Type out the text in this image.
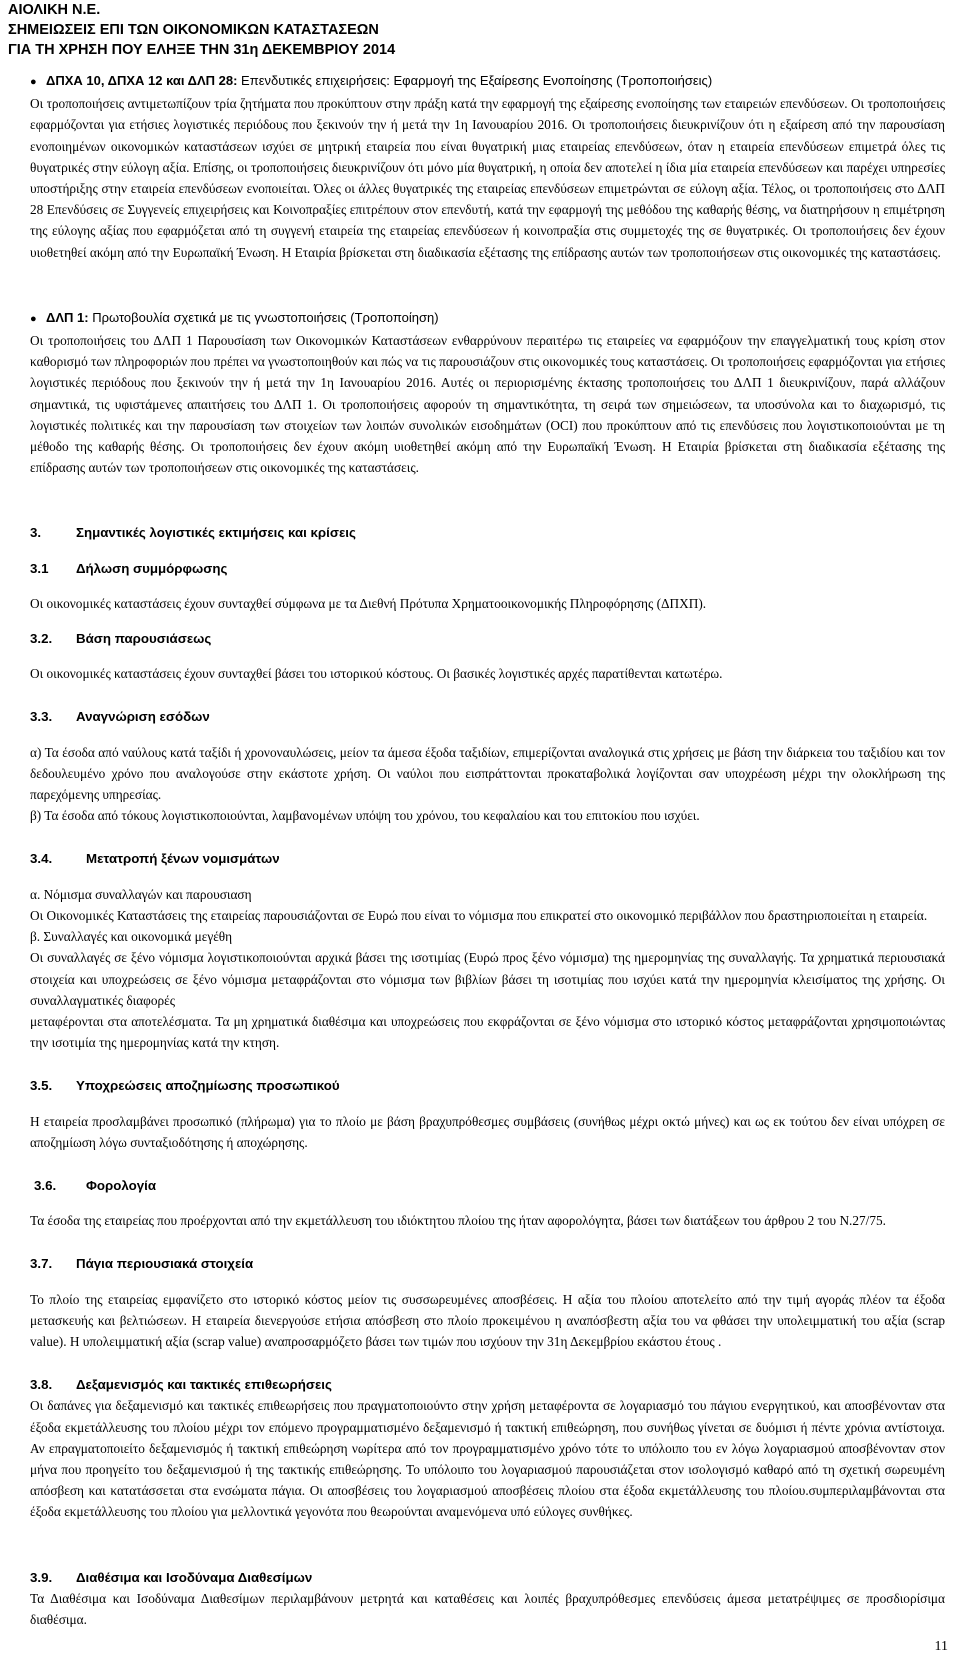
ΑΙΟΛΙΚΗ Ν.Ε.
ΣΗΜΕΙΩΣΕΙΣ ΕΠΙ ΤΩΝ ΟΙΚΟΝΟΜΙΚΩΝ ΚΑΤΑΣΤΑΣΕΩΝ
ΓΙΑ ΤΗ ΧΡΗΣΗ ΠΟΥ ΕΛΗΞΕ ΤΗΝ 31η ΔΕΚΕΜΒΡΙΟΥ 2014

● ΔΠΧΑ 10, ΔΠΧΑ 12 και ΔΛΠ 28: Επενδυτικές επιχειρήσεις: Εφαρμογή της Εξαίρεσης Ενοποίησης (Τροποποιήσεις)

Οι τροποποιήσεις αντιμετωπίζουν τρία ζητήματα που προκύπτουν στην πράξη κατά την εφαρμογή της εξαίρεσης ενοποίησης των εταιρειών επενδύσεων. Οι τροποποιήσεις εφαρμόζονται για ετήσιες λογιστικές περιόδους που ξεκινούν την ή μετά την 1η Ιανουαρίου 2016. Οι τροποποιήσεις διευκρινίζουν ότι η εξαίρεση από την παρουσίαση ενοποιημένων οικονομικών καταστάσεων ισχύει σε μητρική εταιρεία που είναι θυγατρική μιας εταιρείας επενδύσεων, όταν η εταιρεία επενδύσεων επιμετρά όλες τις θυγατρικές στην εύλογη αξία. Επίσης, οι τροποποιήσεις διευκρινίζουν ότι μόνο μία θυγατρική, η οποία δεν αποτελεί η ίδια μία εταιρεία επενδύσεων και παρέχει υπηρεσίες υποστήριξης στην εταιρεία επενδύσεων ενοποιείται. Όλες οι άλλες θυγατρικές της εταιρείας επενδύσεων επιμετρώνται σε εύλογη αξία. Τέλος, οι τροποποιήσεις στο ΔΛΠ 28 Επενδύσεις σε Συγγενείς επιχειρήσεις και Κοινοπραξίες επιτρέπουν στον επενδυτή, κατά την εφαρμογή της μεθόδου της καθαρής θέσης, να διατηρήσουν η επιμέτρηση της εύλογης αξίας που εφαρμόζεται από τη συγγενή εταιρεία της εταιρείας επενδύσεων ή κοινοπραξία στις συμμετοχές της σε θυγατρικές. Οι τροποποιήσεις δεν έχουν υιοθετηθεί ακόμη από την Ευρωπαϊκή Ένωση. Η Εταιρία βρίσκεται στη διαδικασία εξέτασης της επίδρασης αυτών των τροποποιήσεων στις οικονομικές της καταστάσεις.

● ΔΛΠ 1: Πρωτοβουλία σχετικά με τις γνωστοποιήσεις (Τροποποίηση)

Οι τροποποιήσεις του ΔΛΠ 1 Παρουσίαση των Οικονομικών Καταστάσεων ενθαρρύνουν περαιτέρω τις εταιρείες να εφαρμόζουν την επαγγελματική τους κρίση στον καθορισμό των πληροφοριών που πρέπει να γνωστοποιηθούν και πώς να τις παρουσιάζουν στις οικονομικές τους καταστάσεις. Οι τροποποιήσεις εφαρμόζονται για ετήσιες λογιστικές περιόδους που ξεκινούν την ή μετά την 1η Ιανουαρίου 2016. Αυτές οι περιορισμένης έκτασης τροποποιήσεις του ΔΛΠ 1 διευκρινίζουν, παρά αλλάζουν σημαντικά, τις υφιστάμενες απαιτήσεις του ΔΛΠ 1. Οι τροποποιήσεις αφορούν τη σημαντικότητα, τη σειρά των σημειώσεων, τα υποσύνολα και το διαχωρισμό, τις λογιστικές πολιτικές και την παρουσίαση των στοιχείων των λοιπών συνολικών εισοδημάτων (OCI) που προκύπτουν από τις επενδύσεις που λογιστικοποιούνται με τη μέθοδο της καθαρής θέσης. Οι τροποποιήσεις δεν έχουν ακόμη υιοθετηθεί ακόμη από την Ευρωπαϊκή Ένωση. Η Εταιρία βρίσκεται στη διαδικασία εξέτασης της επίδρασης αυτών των τροποποιήσεων στις οικονομικές της καταστάσεις.

3.	Σημαντικές λογιστικές εκτιμήσεις και κρίσεις

3.1 Δήλωση συμμόρφωσης

Οι οικονομικές καταστάσεις έχουν συνταχθεί σύμφωνα με τα Διεθνή Πρότυπα Χρηματοοικονομικής Πληροφόρησης (ΔΠΧΠ).

3.2. Βάση παρουσιάσεως

Οι οικονομικές καταστάσεις έχουν συνταχθεί βάσει του ιστορικού κόστους. Οι βασικές λογιστικές αρχές παρατίθενται κατωτέρω.

3.3. Αναγνώριση εσόδων

α) Τα έσοδα από ναύλους κατά ταξίδι ή χρονοναυλώσεις, μείον τα άμεσα έξοδα ταξιδίων, επιμερίζονται αναλογικά στις χρήσεις με βάση την διάρκεια του ταξιδίου και τον δεδουλευμένο χρόνο που αναλογούσε στην εκάστοτε χρήση. Οι ναύλοι που εισπράττονται προκαταβολικά λογίζονται σαν υποχρέωση μέχρι την ολοκλήρωση της παρεχόμενης υπηρεσίας.

β) Τα έσοδα από τόκους λογιστικοποιούνται, λαμβανομένων υπόψη του χρόνου, του κεφαλαίου και του επιτοκίου που ισχύει.

3.4.	Μετατροπή ξένων νομισμάτων

α. Νόμισμα συναλλαγών και παρουσιαση

Οι Οικονομικές Καταστάσεις της εταιρείας παρουσιάζονται σε Ευρώ που είναι το νόμισμα που επικρατεί στο οικονομικό περιβάλλον που δραστηριοποιείται η εταιρεία.

β. Συναλλαγές και οικονομικά μεγέθη

Οι συναλλαγές σε ξένο νόμισμα λογιστικοποιούνται αρχικά βάσει της ισοτιμίας (Ευρώ προς ξένο νόμισμα) της ημερομηνίας της συναλλαγής. Τα χρηματικά περιουσιακά στοιχεία και υποχρεώσεις σε ξένο νόμισμα μεταφράζονται στο νόμισμα των βιβλίων βάσει τη ισοτιμίας που ισχύει κατά την ημερομηνία κλεισίματος της χρήσης. Οι συναλλαγματικές διαφορές

μεταφέρονται στα αποτελέσματα. Τα μη χρηματικά διαθέσιμα και υποχρεώσεις που εκφράζονται σε ξένο νόμισμα στο ιστορικό κόστος μεταφράζονται χρησιμοποιώντας την ισοτιμία της ημερομηνίας κατά την κτηση.

3.5. Υποχρεώσεις αποζημίωσης προσωπικού

Η εταιρεία προσλαμβάνει προσωπικό (πλήρωμα) για το πλοίο με βάση βραχυπρόθεσμες συμβάσεις (συνήθως μέχρι οκτώ μήνες) και ως εκ τούτου δεν είναι υπόχρεη σε αποζημίωση λόγω συνταξιοδότησης ή αποχώρησης.

3.6. Φορολογία

Τα έσοδα της εταιρείας που προέρχονται από την εκμετάλλευση του ιδιόκτητου πλοίου της ήταν αφορολόγητα, βάσει των διατάξεων του άρθρου 2 του Ν.27/75.

3.7. Πάγια περιουσιακά στοιχεία

Το πλοίο της εταιρείας εμφανίζετο στο ιστορικό κόστος μείον τις συσσωρευμένες αποσβέσεις. Η αξία του πλοίου αποτελείτο από την τιμή αγοράς πλέον τα έξοδα μετασκευής και βελτιώσεων. Η εταιρεία διενεργούσε ετήσια απόσβεση στο πλοίο προκειμένου η αναπόσβεστη αξία του να φθάσει την υπολειμματική του αξία (scrap value). Η υπολειμματική αξία (scrap value) αναπροσαρμόζετο βάσει των τιμών που ισχύουν την 31η Δεκεμβρίου εκάστου έτους .

3.8. Δεξαμενισμός και τακτικές επιθεωρήσεις

Οι δαπάνες για δεξαμενισμό και τακτικές επιθεωρήσεις που πραγματοποιούντο στην χρήση μεταφέροντα σε λογαριασμό του πάγιου ενεργητικού, και αποσβένονταν στα έξοδα εκμετάλλευσης του πλοίου μέχρι τον επόμενο προγραμματισμένο δεξαμενισμό ή τακτική επιθεώρηση, που συνήθως γίνεται σε δυόμισι ή πέντε χρόνια αντίστοιχα. Αν επραγματοποιείτο δεξαμενισμός ή τακτική επιθεώρηση νωρίτερα από τον προγραμματισμένο χρόνο τότε το υπόλοιπο του εν λόγω λογαριασμού αποσβένονταν στον μήνα που προηγείτο του δεξαμενισμού ή της τακτικής επιθεώρησης. Το υπόλοιπο του λογαριασμού παρουσιάζεται στον ισολογισμό καθαρό από τη σχετική σωρευμένη απόσβεση και κατατάσσεται στα ενσώματα πάγια. Οι αποσβέσεις του λογαριασμού αποσβέσεις πλοίου στα έξοδα εκμετάλλευσης του πλοίου.συμπεριλαμβάνονται στα έξοδα εκμετάλλευσης του πλοίου για μελλοντικά γεγονότα που θεωρούνται αναμενόμενα υπό εύλογες συνθήκες.

3.9. Διαθέσιμα και Ισοδύναμα Διαθεσίμων

Τα Διαθέσιμα και Ισοδύναμα Διαθεσίμων περιλαμβάνουν μετρητά και καταθέσεις και λοιπές βραχυπρόθεσμες επενδύσεις άμεσα μετατρέψιμες σε προσδιορίσιμα διαθέσιμα.

11
